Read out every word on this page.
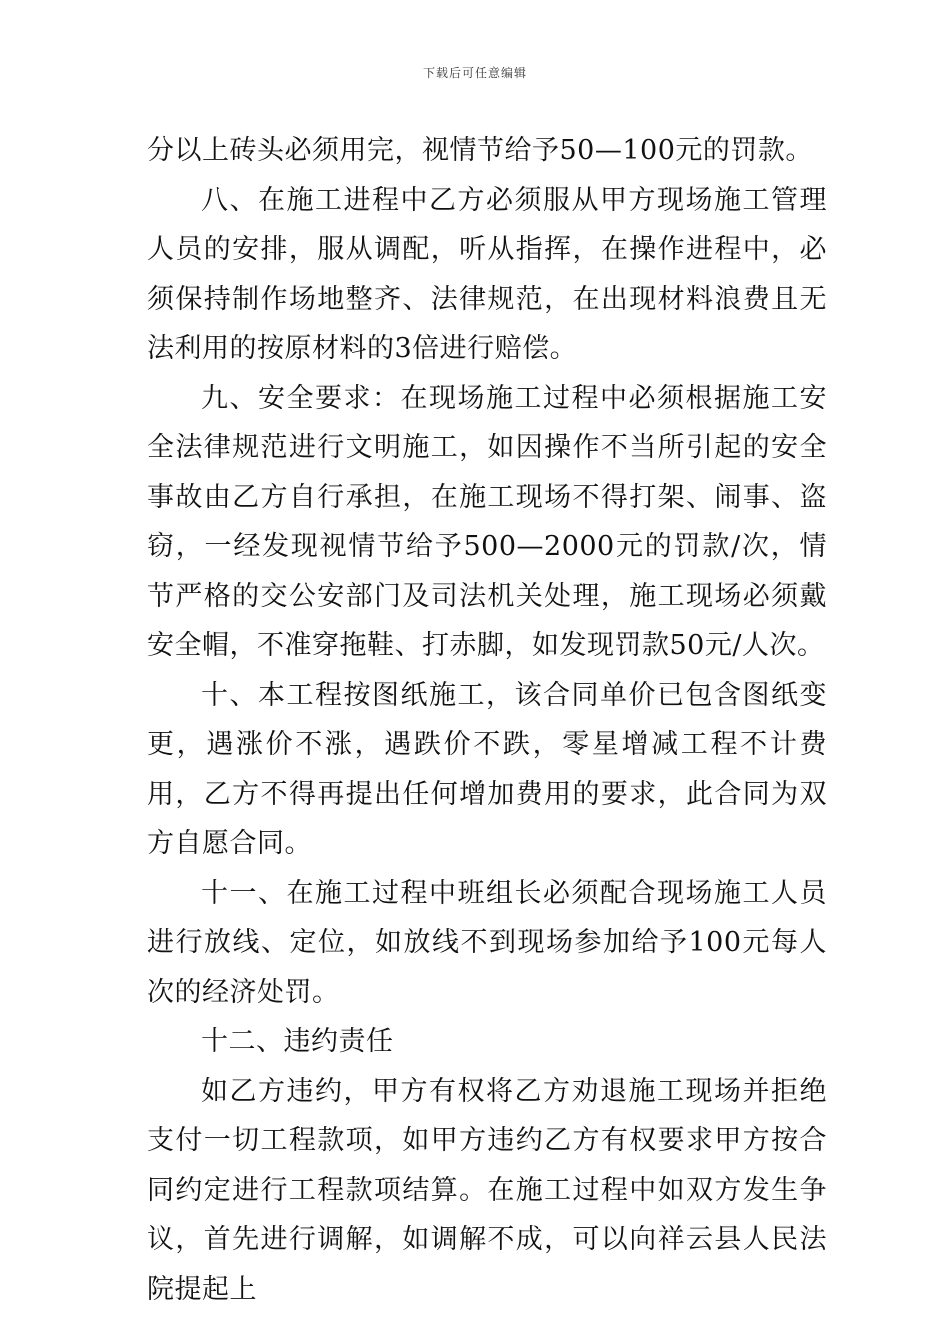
下载后可任意编辑

分以上砖头必须用完，视情节给予50—100元的罚款。

八、在施工进程中乙方必须服从甲方现场施工管理人员的安排，服从调配，听从指挥，在操作进程中，必须保持制作场地整齐、法律规范，在出现材料浪费且无法利用的按原材料的3倍进行赔偿。

九、安全要求：在现场施工过程中必须根据施工安全法律规范进行文明施工，如因操作不当所引起的安全事故由乙方自行承担，在施工现场不得打架、闹事、盗窃，一经发现视情节给予500—2000元的罚款/次，情节严格的交公安部门及司法机关处理，施工现场必须戴安全帽，不准穿拖鞋、打赤脚，如发现罚款50元/人次。

十、本工程按图纸施工，该合同单价已包含图纸变更，遇涨价不涨，遇跌价不跌，零星增减工程不计费用，乙方不得再提出任何增加费用的要求，此合同为双方自愿合同。

十一、在施工过程中班组长必须配合现场施工人员进行放线、定位，如放线不到现场参加给予100元每人次的经济处罚。

十二、违约责任

如乙方违约，甲方有权将乙方劝退施工现场并拒绝支付一切工程款项，如甲方违约乙方有权要求甲方按合同约定进行工程款项结算。在施工过程中如双方发生争议，首先进行调解，如调解不成，可以向祥云县人民法院提起上
